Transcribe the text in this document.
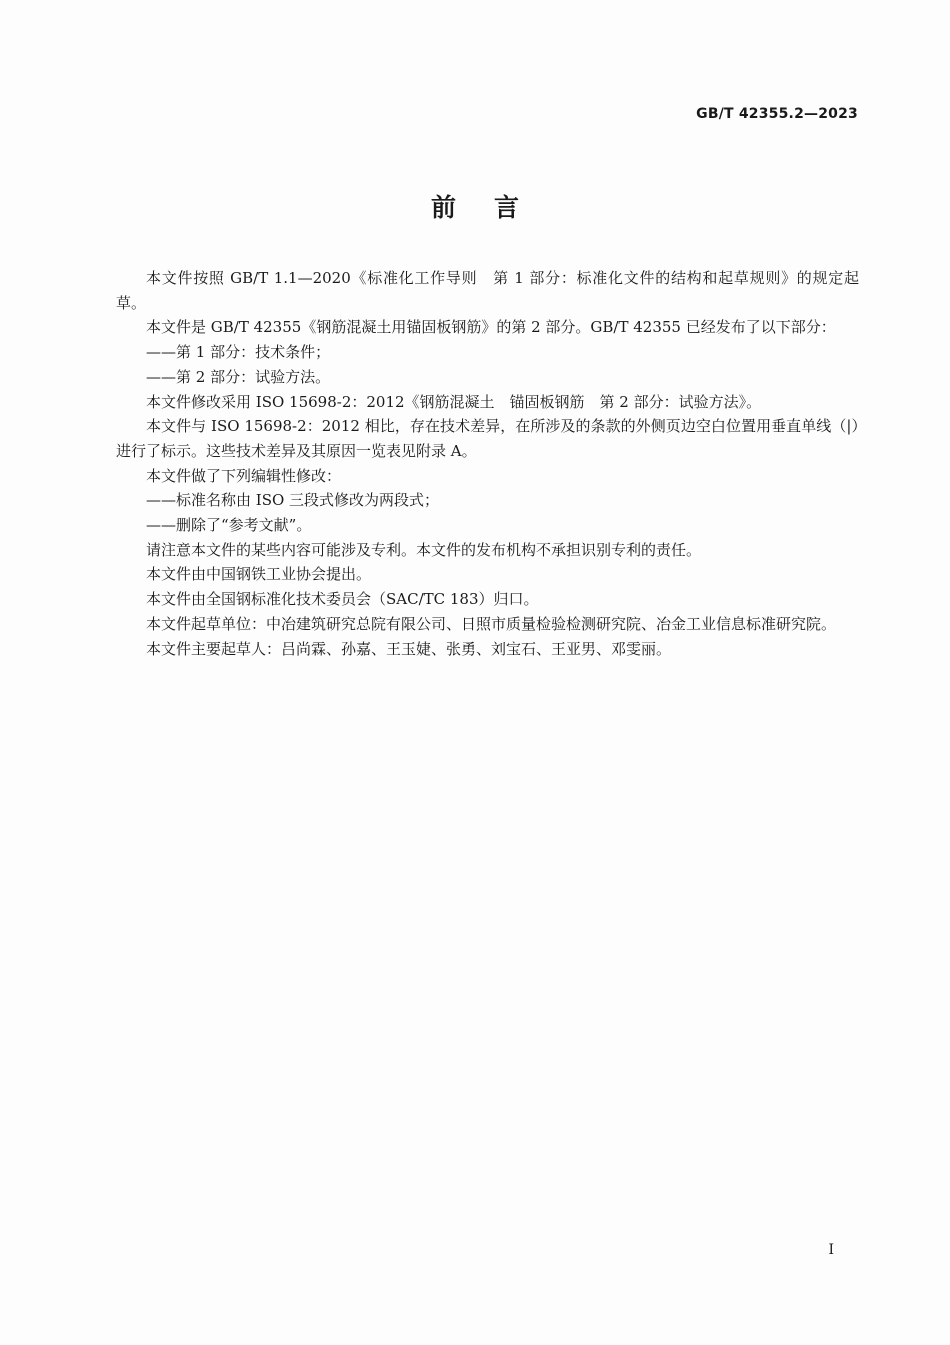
GB/T 42355.2—2023
前言

本文件按照 GB/T 1.1—2020《标准化工作导则　第 1 部分：标准化文件的结构和起草规则》的规定起草。

本文件是 GB/T 42355《钢筋混凝土用锚固板钢筋》的第 2 部分。GB/T 42355 已经发布了以下部分：

——第 1 部分：技术条件；

——第 2 部分：试验方法。

本文件修改采用 ISO 15698-2：2012《钢筋混凝土　锚固板钢筋　第 2 部分：试验方法》。

本文件与 ISO 15698-2：2012 相比，存在技术差异，在所涉及的条款的外侧页边空白位置用垂直单线（|）进行了标示。这些技术差异及其原因一览表见附录 A。

本文件做了下列编辑性修改：

——标准名称由 ISO 三段式修改为两段式；

——删除了“参考文献”。

请注意本文件的某些内容可能涉及专利。本文件的发布机构不承担识别专利的责任。

本文件由中国钢铁工业协会提出。

本文件由全国钢标准化技术委员会（SAC/TC 183）归口。

本文件起草单位：中冶建筑研究总院有限公司、日照市质量检验检测研究院、冶金工业信息标准研究院。

本文件主要起草人：吕尚霖、孙嘉、王玉婕、张勇、刘宝石、王亚男、邓雯丽。

I
